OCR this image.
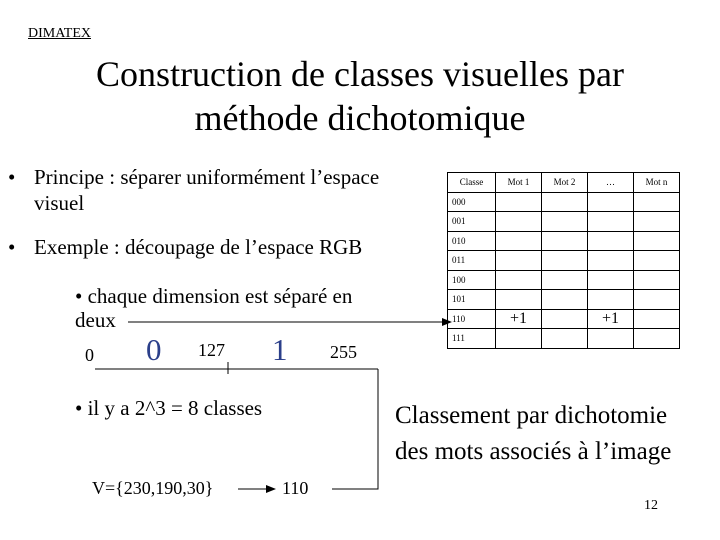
DIMATEX
Construction de classes visuelles par
méthode dichotomique
• Principe : séparer uniformément l’espace
visuel
• Exemple : découpage de l’espace RGB
• chaque dimension est séparé en
deux
0 0 127 1 255
• il y a 2^3 = 8 classes
V={230,190,30}	110
Classe	Mot 1	Mot 2	…	Mot n
000				
001				
010				
011				
100				
101				
110	+1		+1	
111				
Classement par dichotomie
des mots associés à l’image
12
